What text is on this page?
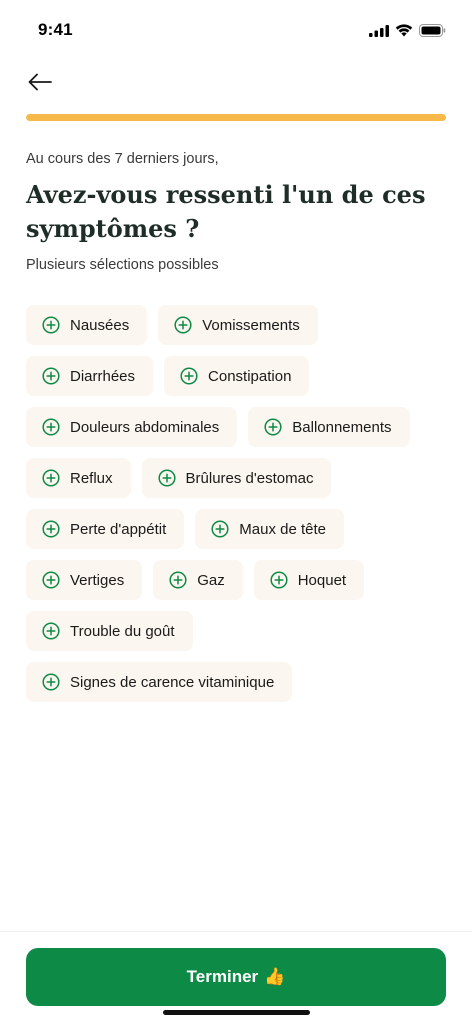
9:41

Au cours des 7 derniers jours,

Avez-vous ressenti l'un de ces symptômes ?

Plusieurs sélections possibles

Nausées	Vomissements
Diarrhées	Constipation
Douleurs abdominales	Ballonnements
Reflux	Brûlures d'estomac
Perte d'appétit	Maux de tête
Vertiges	Gaz	Hoquet
Trouble du goût
Signes de carence vitaminique
Terminer 👍
